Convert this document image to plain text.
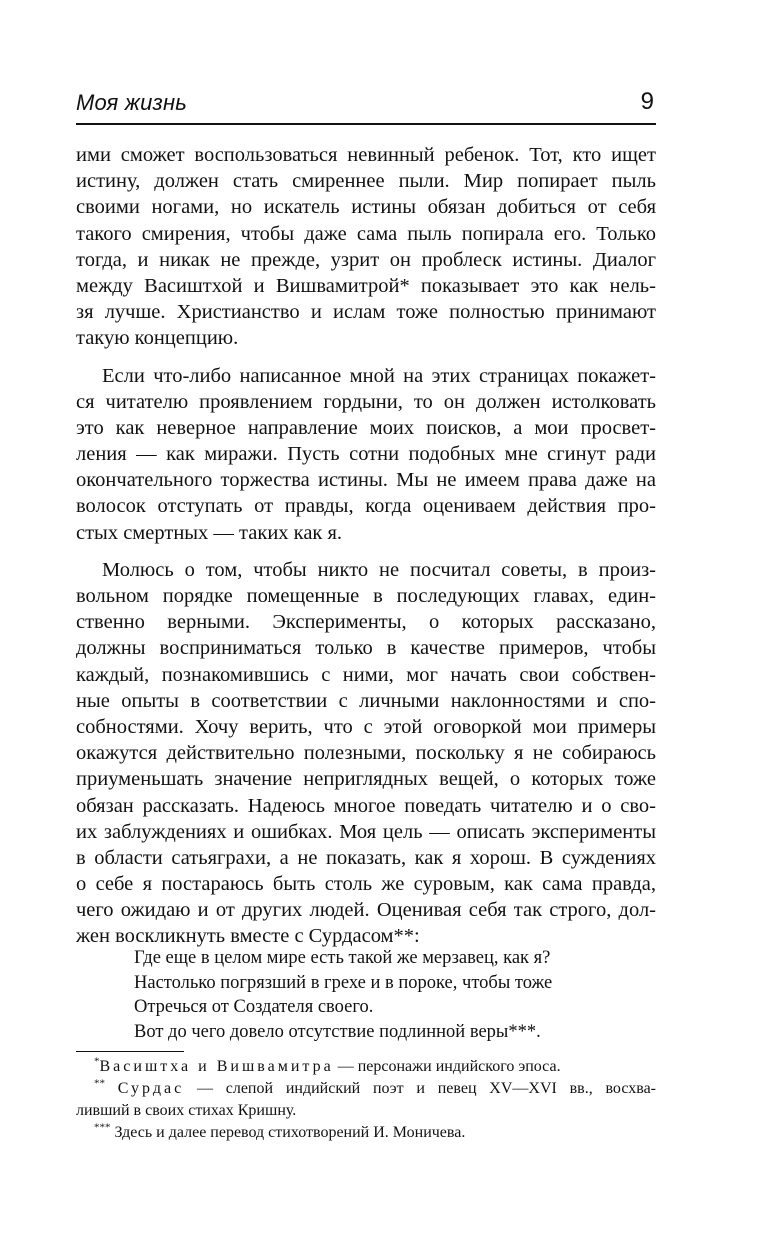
Моя жизнь	9
ими сможет воспользоваться невинный ребенок. Тот, кто ищет
истину, должен стать смиреннее пыли. Мир попирает пыль
своими ногами, но искатель истины обязан добиться от себя
такого смирения, чтобы даже сама пыль попирала его. Только
тогда, и никак не прежде, узрит он проблеск истины. Диалог
между Васиштхой и Вишвамитрой* показывает это как нель-
зя лучше. Христианство и ислам тоже полностью принимают
такую концепцию.
Если что-либо написанное мной на этих страницах покажет-
ся читателю проявлением гордыни, то он должен истолковать
это как неверное направление моих поисков, а мои просвет-
ления — как миражи. Пусть сотни подобных мне сгинут ради
окончательного торжества истины. Мы не имеем права даже на
волосок отступать от правды, когда оцениваем действия про-
стых смертных — таких как я.
Молюсь о том, чтобы никто не посчитал советы, в произ-
вольном порядке помещенные в последующих главах, един-
ственно верными. Эксперименты, о которых рассказано,
должны восприниматься только в качестве примеров, чтобы
каждый, познакомившись с ними, мог начать свои собствен-
ные опыты в соответствии с личными наклонностями и спо-
собностями. Хочу верить, что с этой оговоркой мои примеры
окажутся действительно полезными, поскольку я не собираюсь
приуменьшать значение неприглядных вещей, о которых тоже
обязан рассказать. Надеюсь многое поведать читателю и о сво-
их заблуждениях и ошибках. Моя цель — описать эксперименты
в области сатьяграхи, а не показать, как я хорош. В суждениях
о себе я постараюсь быть столь же суровым, как сама правда,
чего ожидаю и от других людей. Оценивая себя так строго, дол-
жен воскликнуть вместе с Сурдасом**:
Где еще в целом мире есть такой же мерзавец, как я?
Настолько погрязший в грехе и в пороке, чтобы тоже
Отречься от Создателя своего.
Вот до чего довело отсутствие подлинной веры***.
*Васиштха и Вишвамитра — персонажи индийского эпоса.
** Сурдас — слепой индийский поэт и певец XV—XVI вв., восхва-
ливший в своих стихах Кришну.
*** Здесь и далее перевод стихотворений И. Моничева.
